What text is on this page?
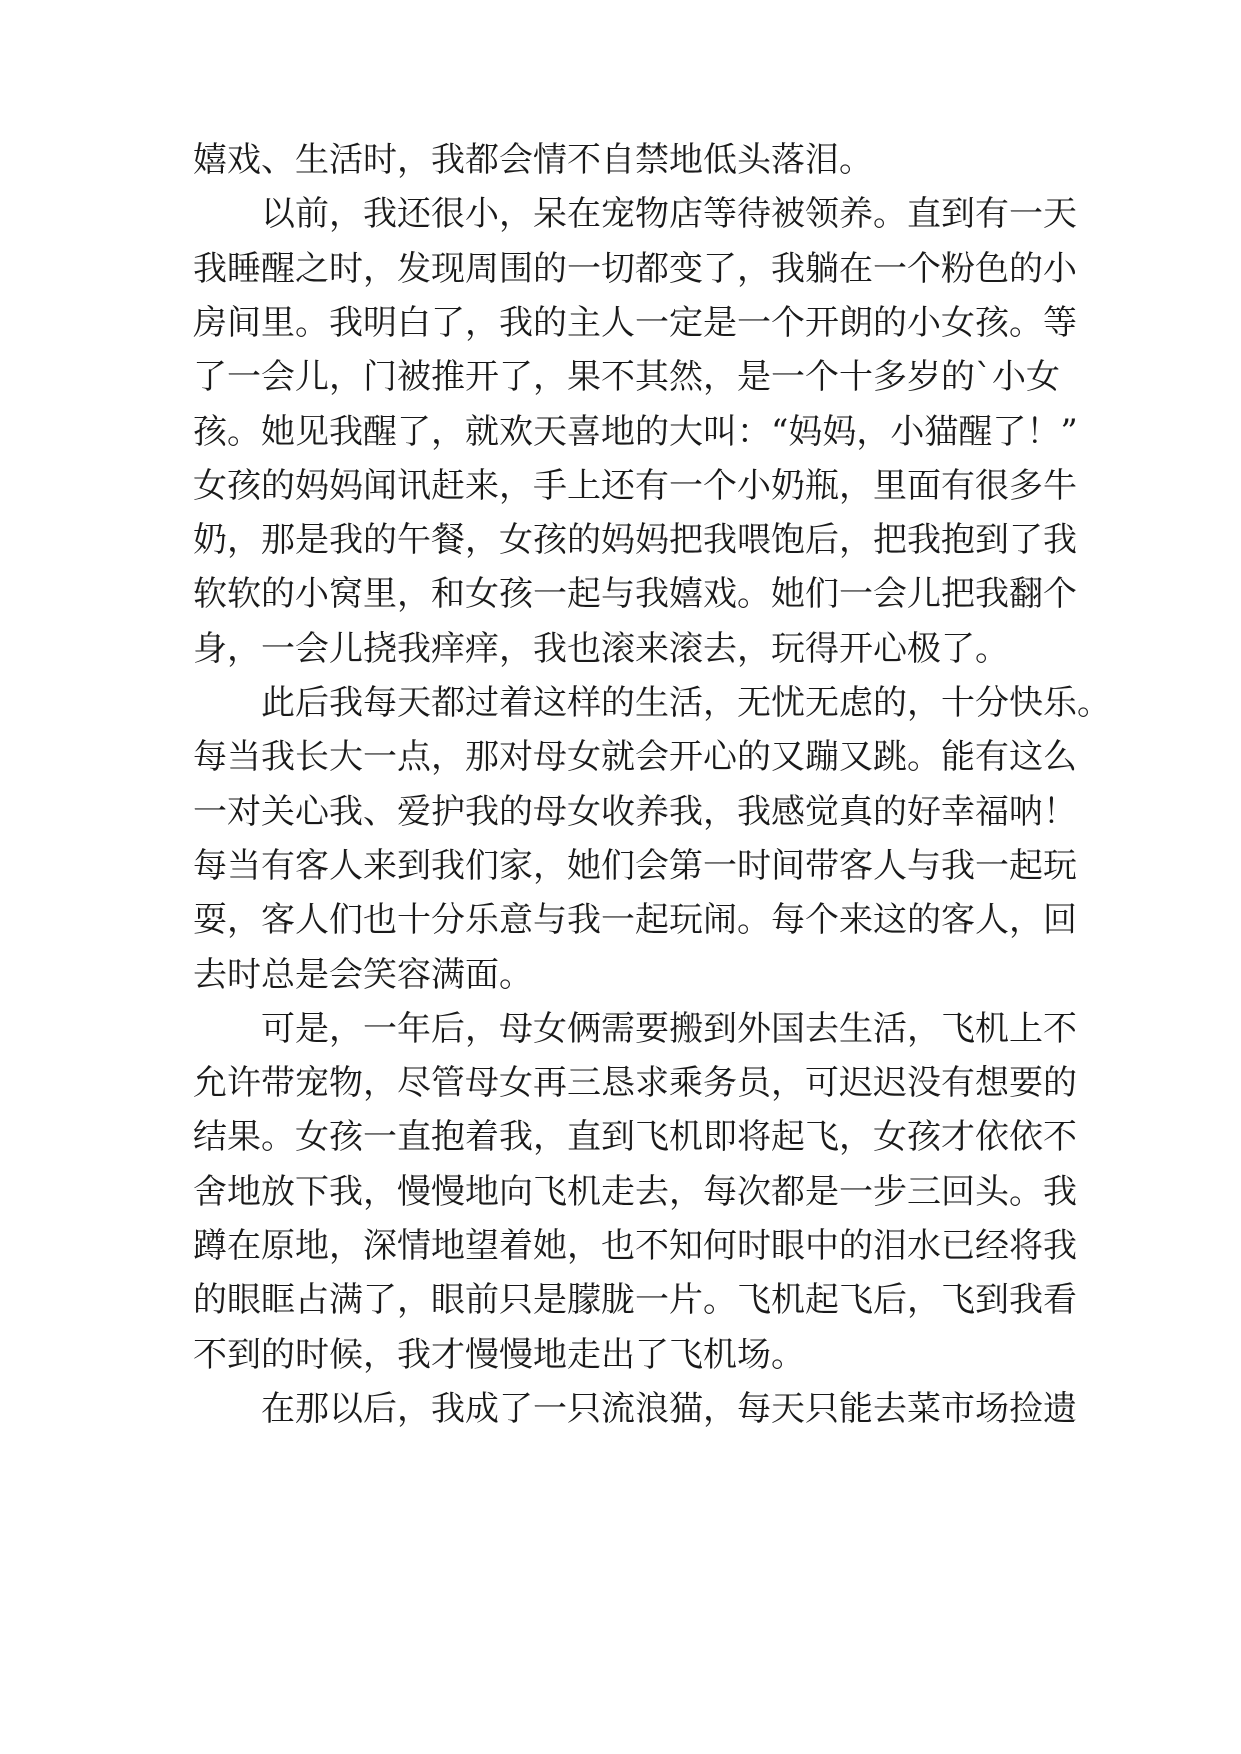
嬉戏、生活时，我都会情不自禁地低头落泪。
以前，我还很小，呆在宠物店等待被领养。直到有一天
我睡醒之时，发现周围的一切都变了，我躺在一个粉色的小
房间里。我明白了，我的主人一定是一个开朗的小女孩。等
了一会儿，门被推开了，果不其然，是一个十多岁的`小女
孩。她见我醒了，就欢天喜地的大叫：“妈妈，小猫醒了！”
女孩的妈妈闻讯赶来，手上还有一个小奶瓶，里面有很多牛
奶，那是我的午餐，女孩的妈妈把我喂饱后，把我抱到了我
软软的小窝里，和女孩一起与我嬉戏。她们一会儿把我翻个
身，一会儿挠我痒痒，我也滚来滚去，玩得开心极了。
此后我每天都过着这样的生活，无忧无虑的，十分快乐。
每当我长大一点，那对母女就会开心的又蹦又跳。能有这么
一对关心我、爱护我的母女收养我，我感觉真的好幸福呐！
每当有客人来到我们家，她们会第一时间带客人与我一起玩
耍，客人们也十分乐意与我一起玩闹。每个来这的客人，回
去时总是会笑容满面。
可是，一年后，母女俩需要搬到外国去生活，飞机上不
允许带宠物，尽管母女再三恳求乘务员，可迟迟没有想要的
结果。女孩一直抱着我，直到飞机即将起飞，女孩才依依不
舍地放下我，慢慢地向飞机走去，每次都是一步三回头。我
蹲在原地，深情地望着她，也不知何时眼中的泪水已经将我
的眼眶占满了，眼前只是朦胧一片。飞机起飞后，飞到我看
不到的时候，我才慢慢地走出了飞机场。
在那以后，我成了一只流浪猫，每天只能去菜市场捡遗
